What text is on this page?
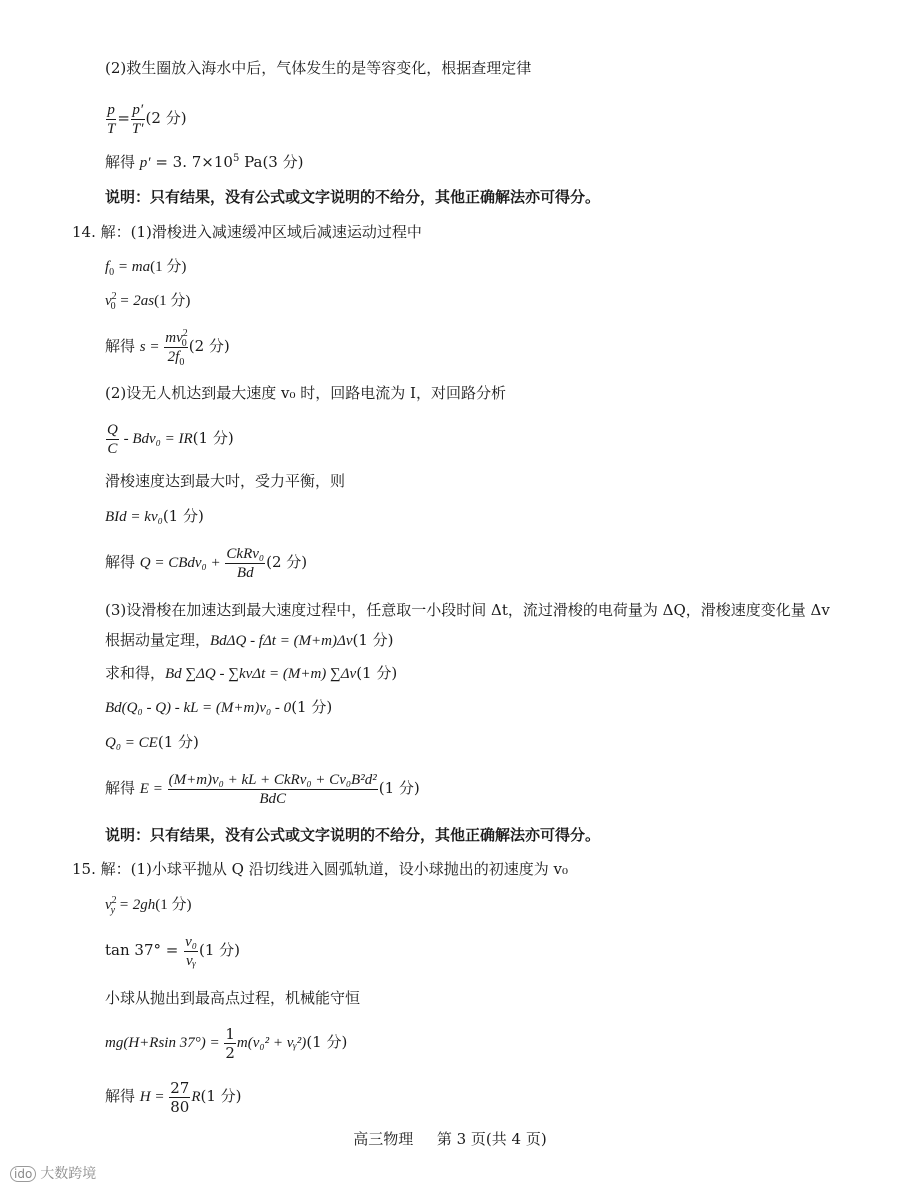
(2)救生圈放入海水中后，气体发生的是等容变化，根据查理定律
$\frac{p}{T} = \frac{p'}{T'} (2$ 分)
解得 p′ = 3. $7\times 10^5$ Pa(3 分)
说明：只有结果，没有公式或文字说明的不给分，其他正确解法亦可得分。
14. 解：(1)滑梭进入减速缓冲区域后减速运动过程中
$f_0 = ma(1$ 分)
$v^2_0 = 2as(1$ 分)
解得 $s = \frac{mv^2_0}{2f_0} (2$ 分)
(2)设无人机达到最大速度 v₀ 时，回路电流为 I，对回路分析
$\frac{Q}{C} - Bdv_0 = IR(1$ 分)
滑梭速度达到最大吋，受力平衡，则
BId = kv₀(1 分)
解得 Q = CBdv₀ +
CkRv₀
Bd
(2 分)
(3)设滑梭在加速达到最大速度过程中，任意取一小段时间 Δt，流过滑梭的电荷量为 ΔQ，滑梭速度变化量 Δv
根据动量定理，BdΔQ - fΔt = (M+m)Δv(1 分)
求和得，Bd ∑ΔQ - ∑kvΔt = (M+m) ∑Δv(1 分)
Bd(Q₀ - Q) - kL = (M+m)v₀ - 0(1 分)
Q₀ = CE(1 分)
解得 E =
(M+m)v₀ + kL + CkRv₀ + Cv₀B²d²
BdC
(1 分)
说明：只有结果，没有公式或文字说明的不给分，其他正确解法亦可得分。
15. 解：(1)小球平抛从 Q 沿切线进入圆弧轨道，设小球抛出的初速度为 v₀
$v^2_y = 2gh(1$ 分)
$\tan 37^\circ = \frac{\text{v₀}}{\text{vᵧ}} (1$ 分)
小球从抛出到最高点过程，机械能守恒
mg(H+Rsin $37^\circ) = \frac{1}{2} m(v_0^2$ + vᵧ²)(1 分)
解得 $H = \frac{27}{80} R(1$ 分)
高三物理 第 3 页(共 4 页)
ido 大数跨境
